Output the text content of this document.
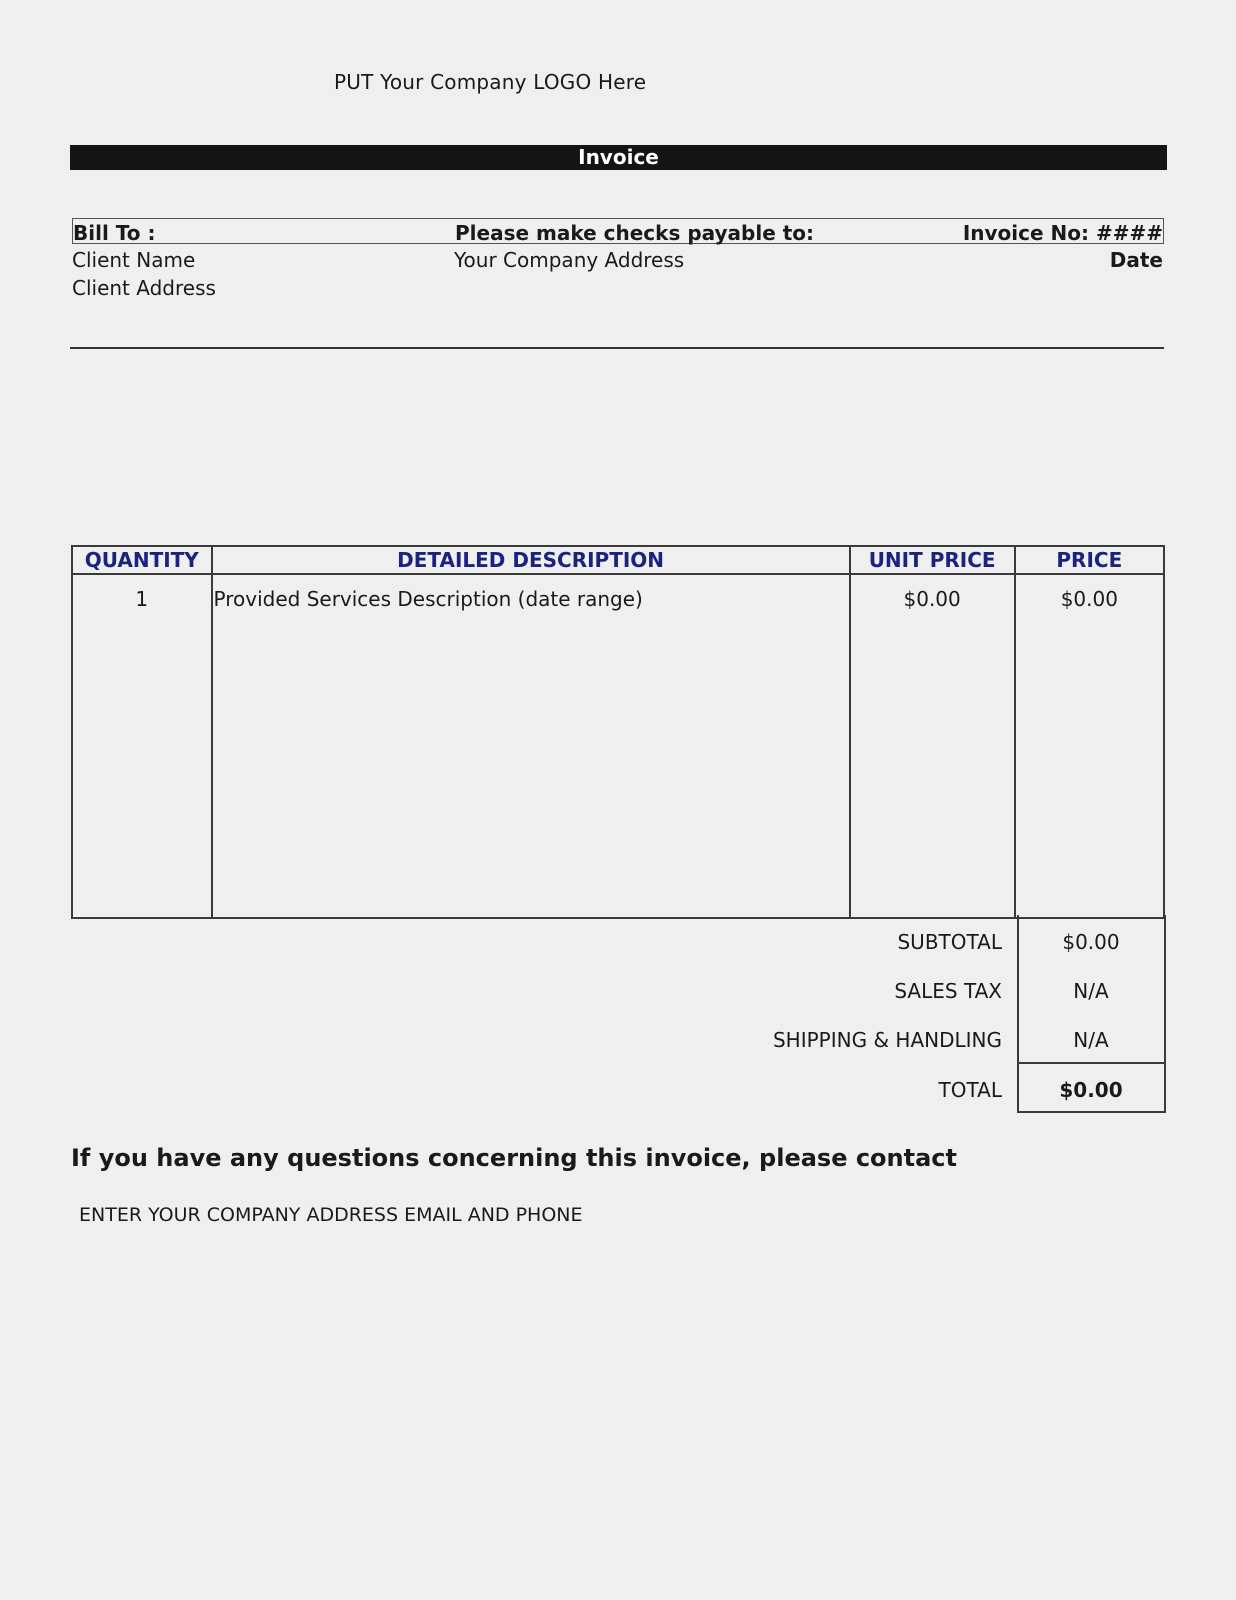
PUT Your Company LOGO Here
Invoice
Bill To :	Please make checks payable to:	Invoice No: ####
Client Name
Client Address
Your Company Address	Date
QUANTITY	DETAILED DESCRIPTION	UNIT PRICE	PRICE
1	Provided Services Description (date range)	$0.00	$0.00
SUBTOTAL	$0.00
SALES TAX	N/A
SHIPPING & HANDLING	N/A
TOTAL	$0.00
If you have any questions concerning this invoice, please contact
ENTER YOUR COMPANY ADDRESS EMAIL AND PHONE
